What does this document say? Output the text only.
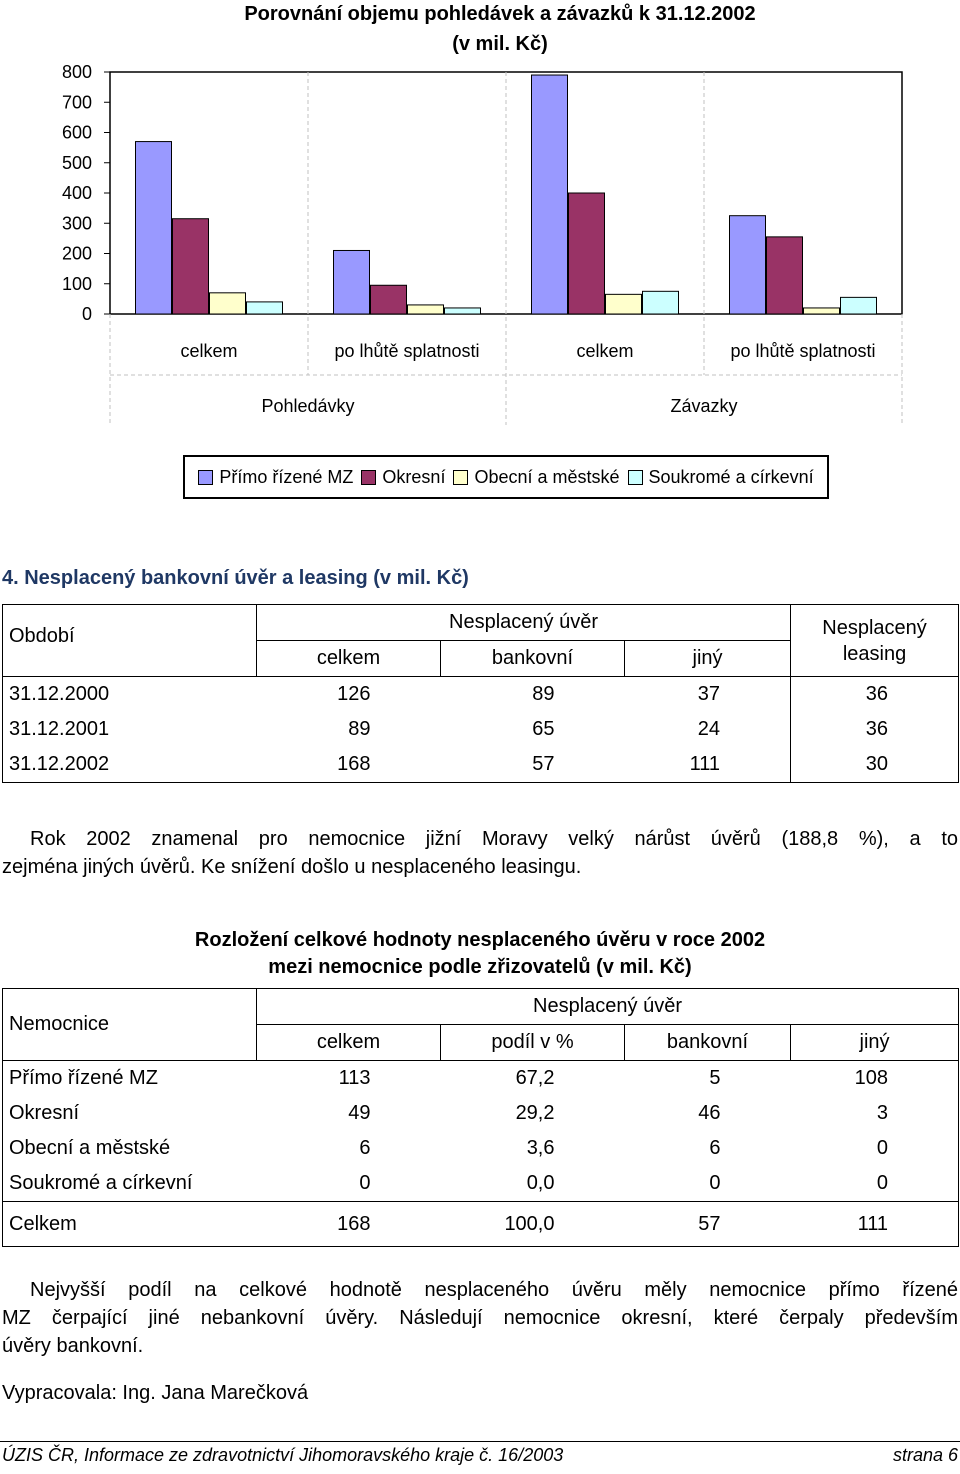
Porovnání objemu pohledávek a závazků k 31.12.2002
(v mil. Kč)
0
100
200
300
400
500
600
700
800
celkem	po lhůtě splatnosti	celkem	po lhůtě splatnosti
Pohledávky	Závazky
Přímo řízené MZ Okresní Obecní a městské Soukromé a církevní
4. Nesplacený bankovní úvěr a leasing (v mil. Kč)
Období	Nesplacený úvěr			Nesplacený
leasing
	celkem	bankovní	jiný	
31.12.2000	126	89	37	36
31.12.2001	89	65	24	36
31.12.2002	168	57	111	30
Rok 2002 znamenal pro nemocnice jižní Moravy velký nárůst úvěrů (188,8 %), a to
zejména jiných úvěrů. Ke snížení došlo u nesplaceného leasingu.
Rozložení celkové hodnoty nesplaceného úvěru v roce 2002
mezi nemocnice podle zřizovatelů (v mil. Kč)
Nemocnice	Nesplacený úvěr			
	celkem	podíl v %	bankovní	jiný
Přímo řízené MZ	113	67,2	5	108
Okresní	49	29,2	46	3
Obecní a městské	6	3,6	6	0
Soukromé a církevní	0	0,0	0	0
Celkem	168	100,0	57	111
Nejvyšší podíl na celkové hodnotě nesplaceného úvěru měly nemocnice přímo řízené
MZ čerpající jiné nebankovní úvěry. Následují nemocnice okresní, které čerpaly především
úvěry bankovní.
Vypracovala: Ing. Jana Marečková
ÚZIS ČR, Informace ze zdravotnictví Jihomoravského kraje č. 16/2003	strana 6
